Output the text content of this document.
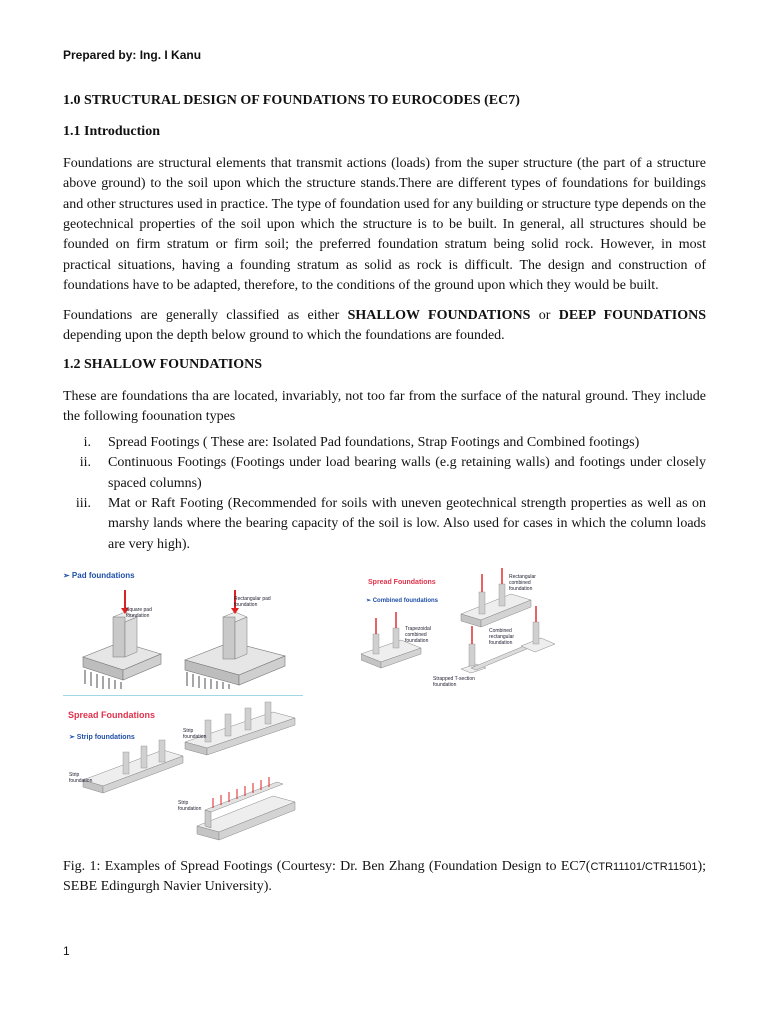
Prepared by: Ing. I Kanu
1.0 STRUCTURAL DESIGN OF FOUNDATIONS TO EUROCODES (EC7)
1.1 Introduction

Foundations are structural elements that transmit actions (loads) from the super structure (the part of a structure above ground) to the soil upon which the structure stands.There are different types of foundations for buildings and other structures used in practice. The type of foundation used for any building or structure type depends on the geotechnical properties of the soil upon which the structure is to be built. In general, all structures should be founded on firm stratum or firm soil; the preferred foundation stratum being solid rock. However, in most practical situations, having a founding stratum as solid as rock is difficult. The design and construction of foundations have to be adapted, therefore, to the conditions of the ground upon which they would be built.

Foundations are generally classified as either SHALLOW FOUNDATIONS or DEEP FOUNDATIONS depending upon the depth below ground to which the foundations are founded.

1.2 SHALLOW FOUNDATIONS

These are foundations tha are located, invariably, not too far from the surface of the natural ground. They include the following foounation types

i. Spread Footings ( These are: Isolated Pad foundations, Strap Footings and Combined footings)
ii. Continuous Footings (Footings under load bearing walls (e.g retaining walls) and footings under closely spaced columns)
iii. Mat or Raft Footing (Recommended for soils with uneven geotechnical strength properties as well as on marshy lands where the bearing capacity of the soil is low. Also used for cases in which the column loads are very high).
➢ Pad foundations
Square pad foundation
Rectangular pad foundation
Spread Foundations
➢ Combined foundations
Rectangular combined foundation
Trapezoidal combined foundation
Combined rectangular foundation
Strapped T-section foundation
Spread Foundations
➢ Strip foundations
Strip foundation
Strip foundation
Strip foundation
Fig. 1: Examples of Spread Footings (Courtesy: Dr. Ben Zhang (Foundation Design to EC7(CTR11101/CTR11501); SEBE Edingurgh Navier University).
1
